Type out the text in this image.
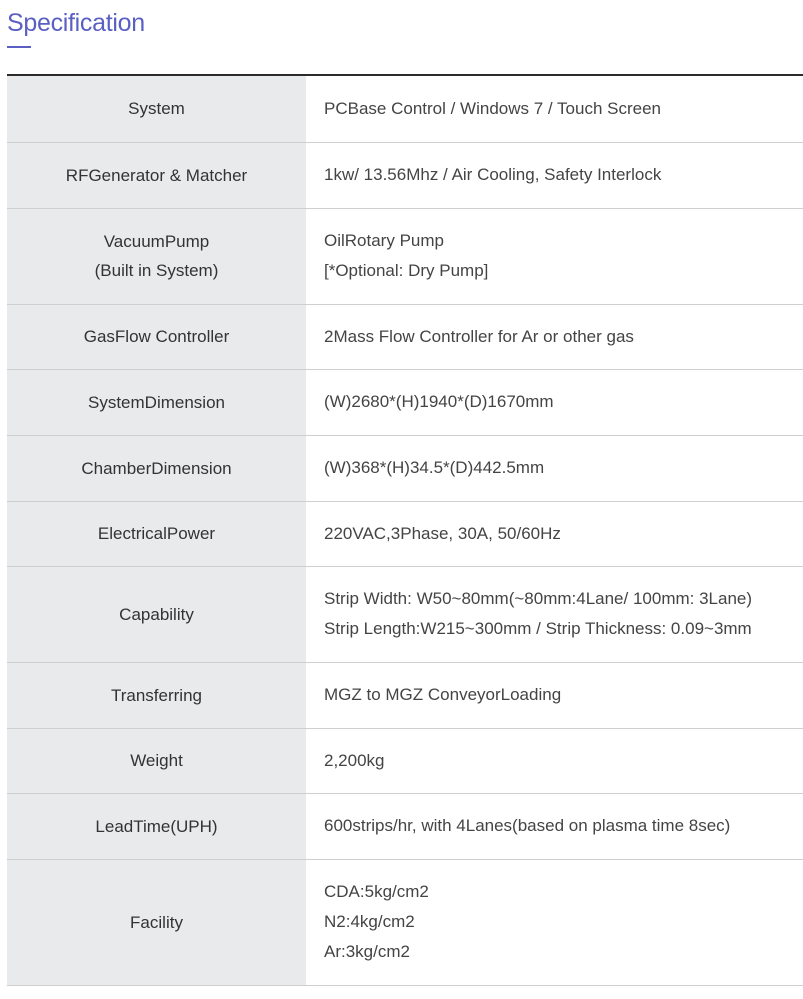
Specification
System	PCBase Control / Windows 7 / Touch Screen

RFGenerator & Matcher	1kw/ 13.56Mhz / Air Cooling, Safety Interlock

VacuumPump
(Built in System)	OilRotary Pump
[*Optional: Dry Pump]

GasFlow Controller	2Mass Flow Controller for Ar or other gas

SystemDimension	(W)2680*(H)1940*(D)1670mm

ChamberDimension	(W)368*(H)34.5*(D)442.5mm

ElectricalPower	220VAC,3Phase, 30A, 50/60Hz

Capability	Strip Width: W50~80mm(~80mm:4Lane/ 100mm: 3Lane)
Strip Length:W215~300mm / Strip Thickness: 0.09~3mm

Transferring	MGZ to MGZ ConveyorLoading

Weight	2,200kg

LeadTime(UPH)	600strips/hr, with 4Lanes(based on plasma time 8sec)

Facility	CDA:5kg/cm2
N2:4kg/cm2
Ar:3kg/cm2
